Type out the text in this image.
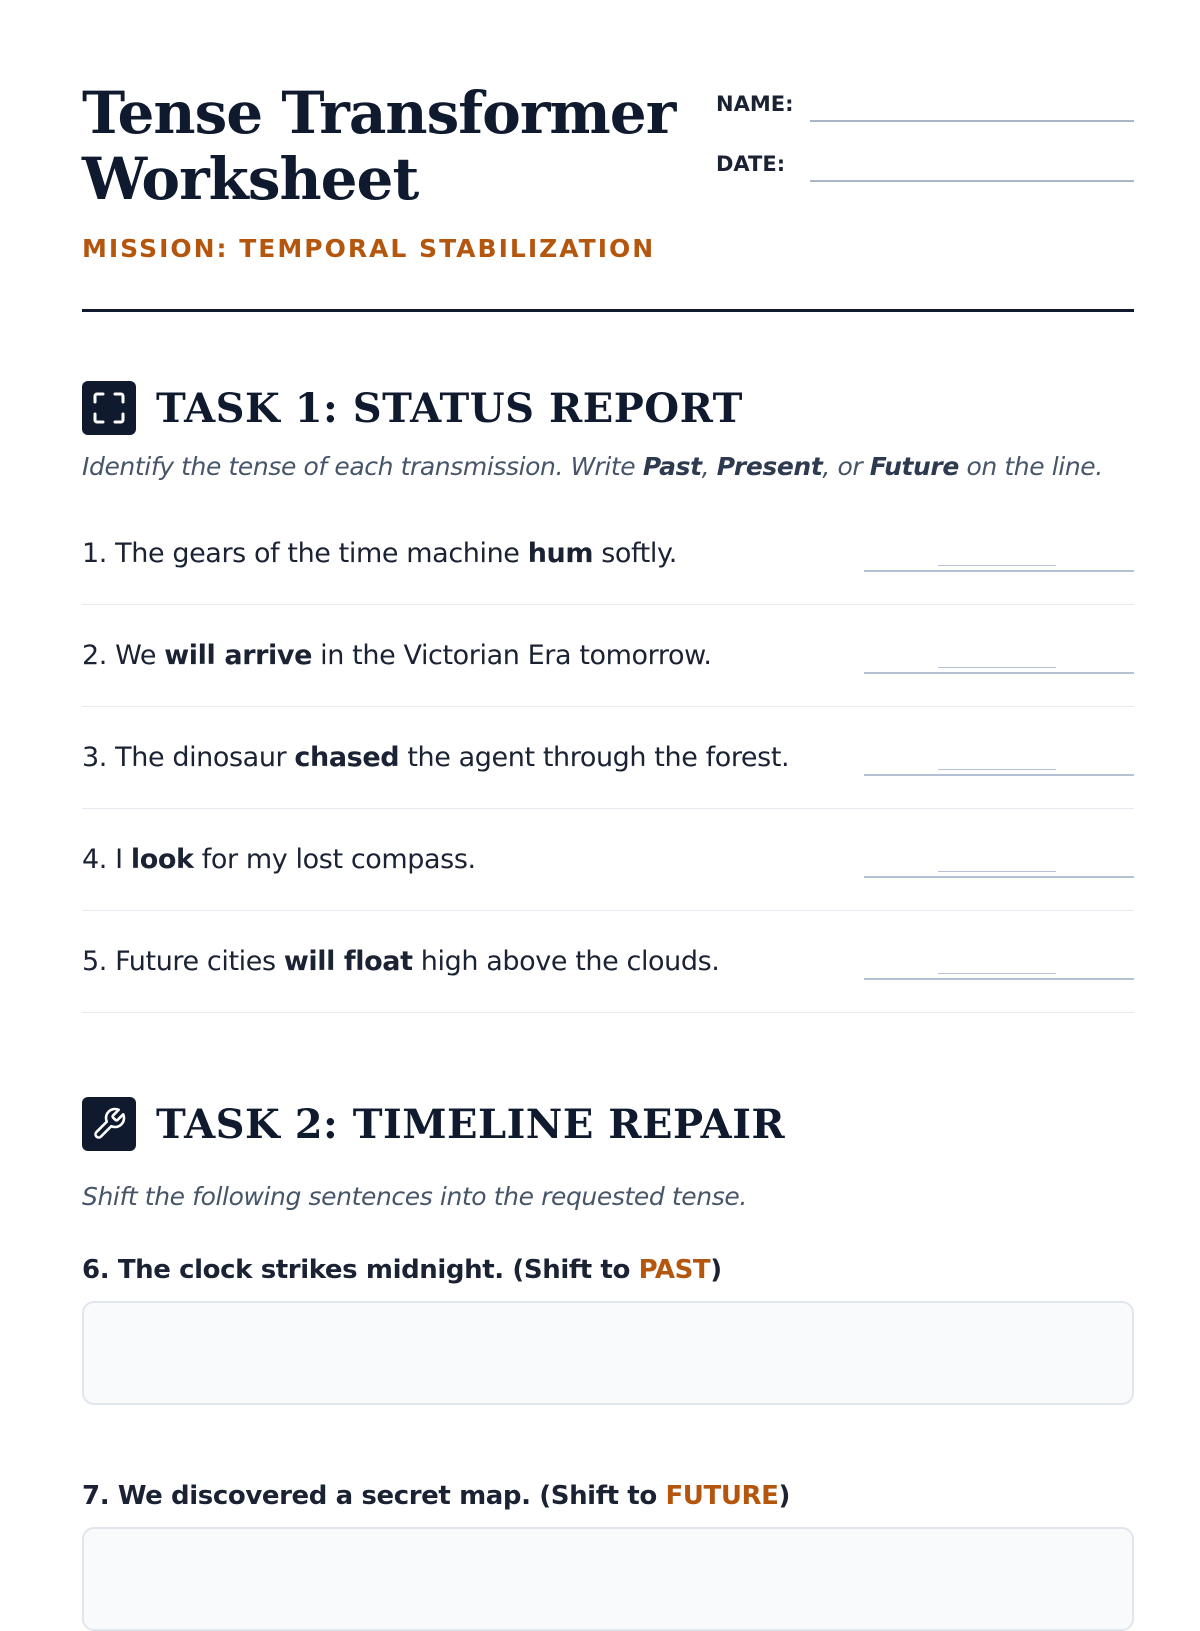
Tense Transformer Worksheet
MISSION: TEMPORAL STABILIZATION
NAME:
DATE:
TASK 1: STATUS REPORT
Identify the tense of each transmission. Write Past, Present, or Future on the line.
1. The gears of the time machine hum softly.
2. We will arrive in the Victorian Era tomorrow.
3. The dinosaur chased the agent through the forest.
4. I look for my lost compass.
5. Future cities will float high above the clouds.
TASK 2: TIMELINE REPAIR
Shift the following sentences into the requested tense.
6. The clock strikes midnight. (Shift to PAST)
7. We discovered a secret map. (Shift to FUTURE)
